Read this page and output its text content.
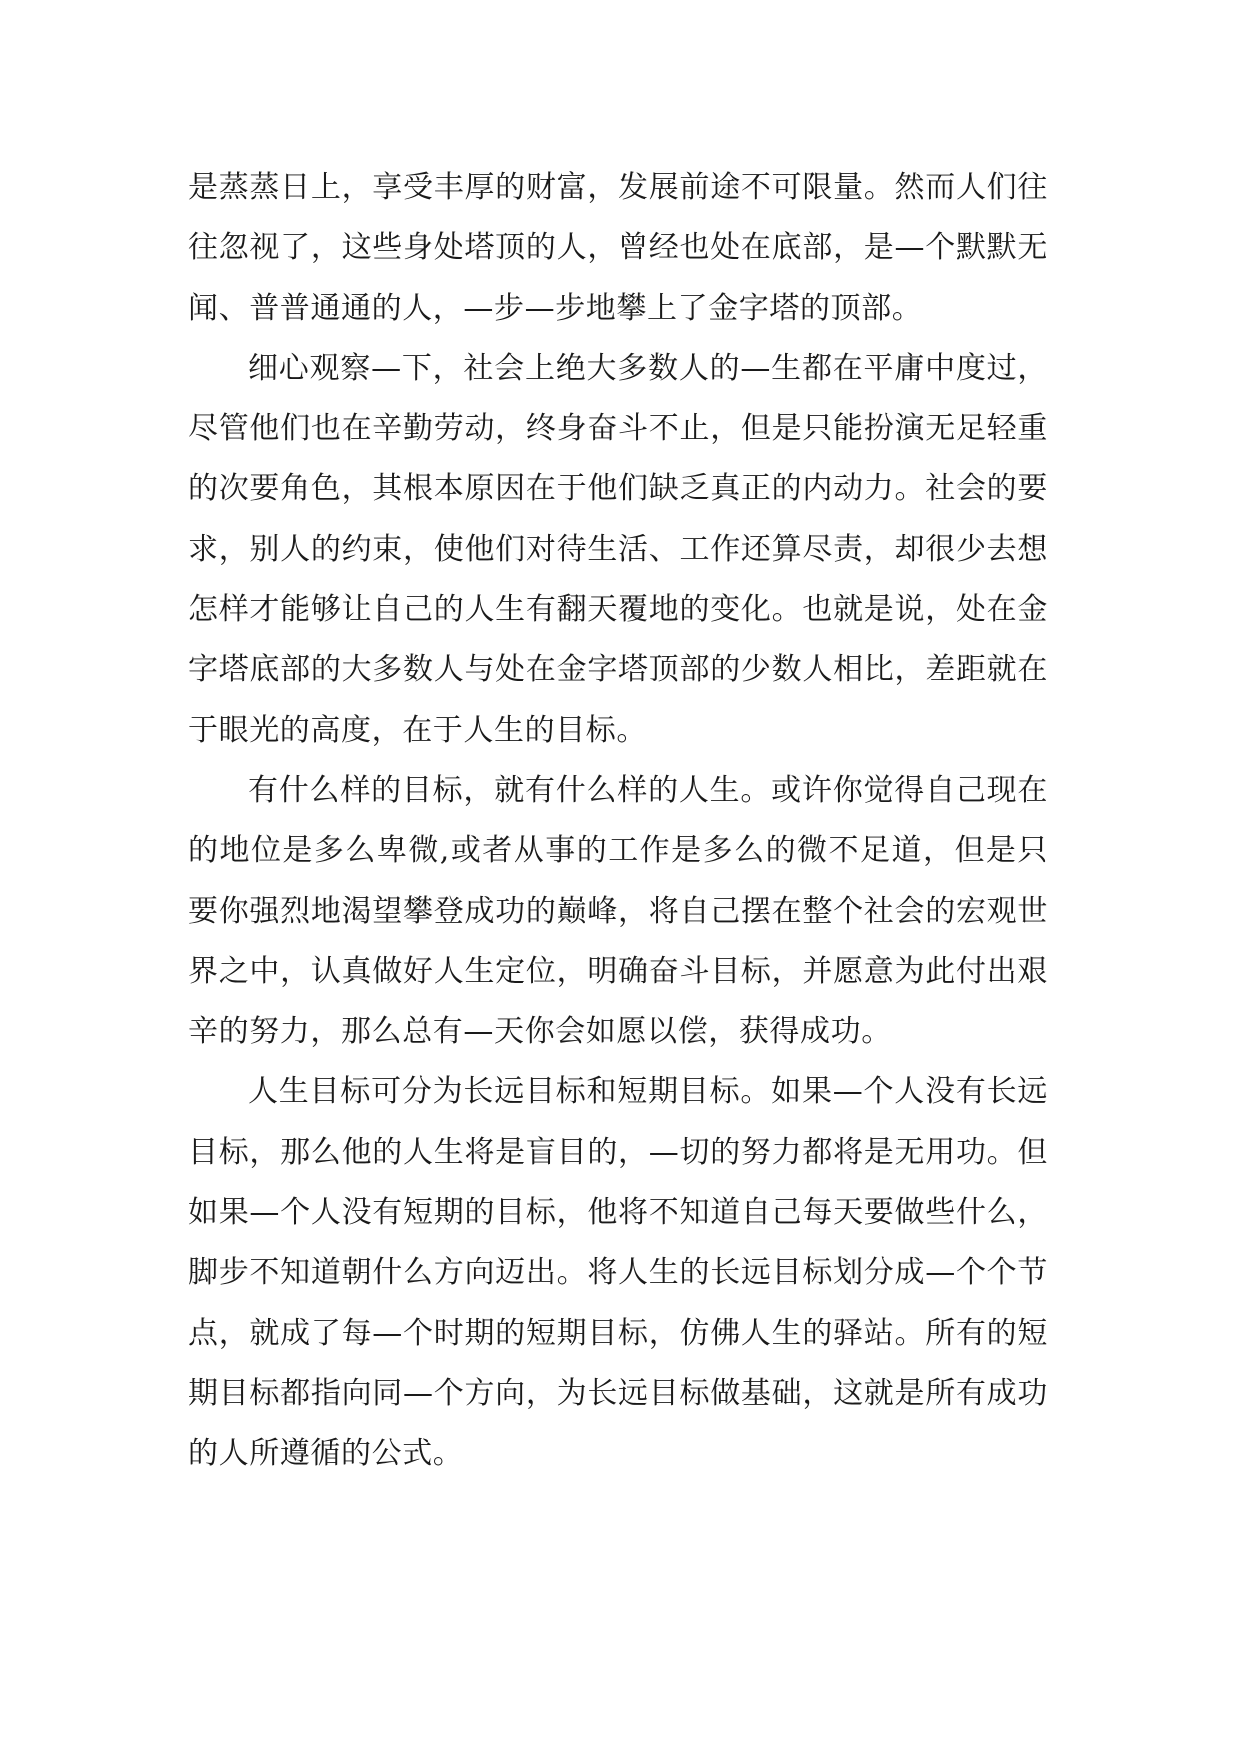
是蒸蒸日上，享受丰厚的财富，发展前途不可限量。然而人们往往忽视了，这些身处塔顶的人，曾经也处在底部，是—个默默无闻、普普通通的人，—步—步地攀上了金字塔的顶部。

细心观察—下，社会上绝大多数人的—生都在平庸中度过，尽管他们也在辛勤劳动，终身奋斗不止，但是只能扮演无足轻重的次要角色，其根本原因在于他们缺乏真正的内动力。社会的要求，别人的约束，使他们对待生活、工作还算尽责，却很少去想怎样才能够让自己的人生有翻天覆地的变化。也就是说，处在金字塔底部的大多数人与处在金字塔顶部的少数人相比，差距就在于眼光的高度，在于人生的目标。

有什么样的目标，就有什么样的人生。或许你觉得自己现在的地位是多么卑微,或者从事的工作是多么的微不足道，但是只要你强烈地渴望攀登成功的巅峰，将自己摆在整个社会的宏观世界之中，认真做好人生定位，明确奋斗目标，并愿意为此付出艰辛的努力，那么总有—天你会如愿以偿，获得成功。

人生目标可分为长远目标和短期目标。如果—个人没有长远目标，那么他的人生将是盲目的，—切的努力都将是无用功。但如果—个人没有短期的目标，他将不知道自己每天要做些什么，脚步不知道朝什么方向迈出。将人生的长远目标划分成—个个节点，就成了每—个时期的短期目标，仿佛人生的驿站。所有的短期目标都指向同—个方向，为长远目标做基础，这就是所有成功的人所遵循的公式。
